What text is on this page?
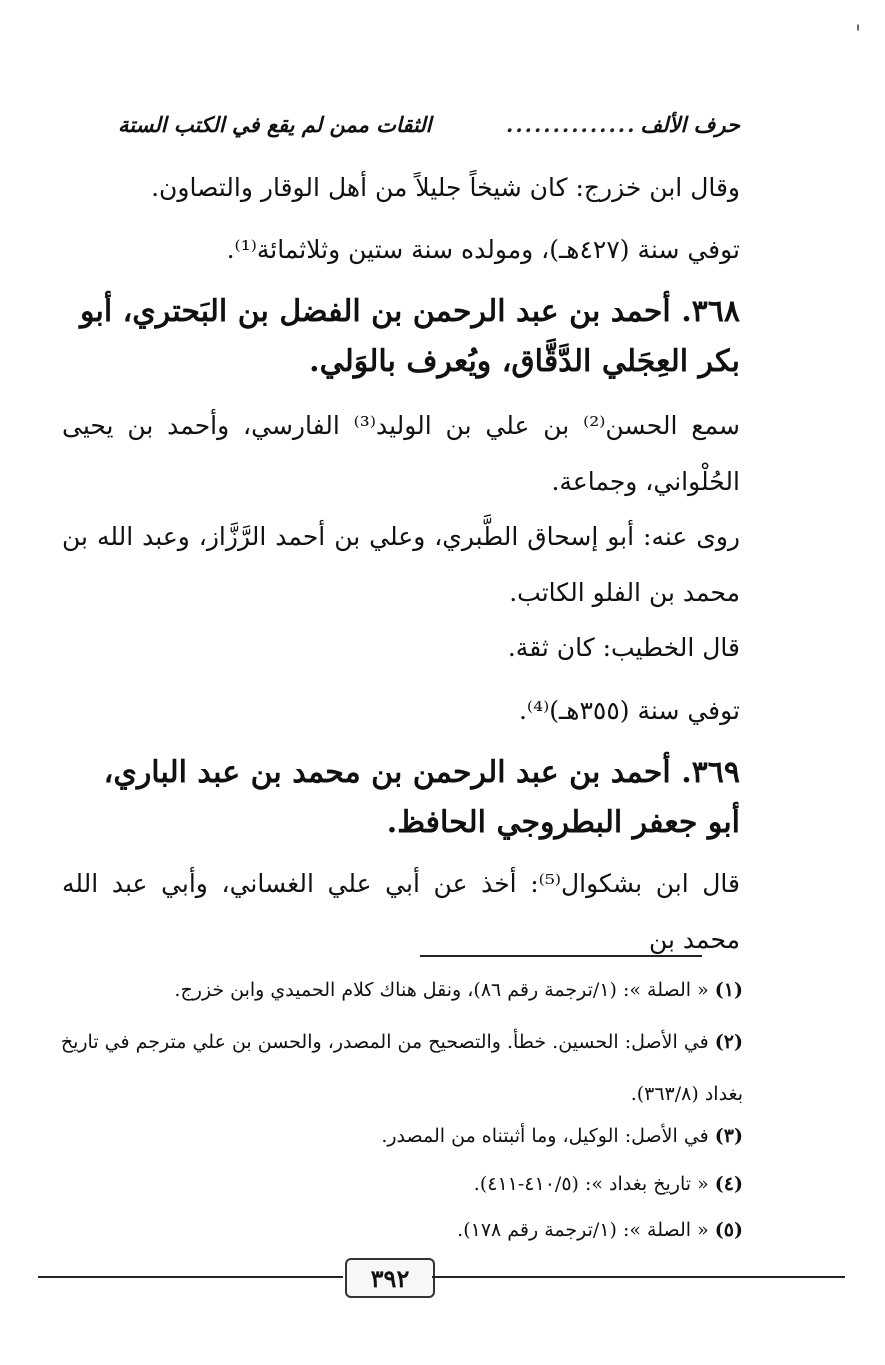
'
حرف الألف
..............
الثقات ممن لم يقع في الكتب الستة

وقال ابن خزرج: كان شيخاً جليلاً من أهل الوقار والتصاون.

توفي سنة (٤٢٧هـ)، ومولده سنة ستين وثلاثمائة⁽¹⁾.

٣٦٨. أحمد بن عبد الرحمن بن الفضل بن البَحتري، أبو بكر العِجَلي الدَّقَّاق، ويُعرف بالوَلي.

سمع الحسن⁽²⁾ بن علي بن الوليد⁽³⁾ الفارسي، وأحمد بن يحيى الحُلْواني، وجماعة.

روى عنه: أبو إسحاق الطَّبري، وعلي بن أحمد الرَّزَّاز، وعبد الله بن محمد بن الفلو الكاتب.

قال الخطيب: كان ثقة.

توفي سنة (٣٥٥هـ)⁽⁴⁾.

٣٦٩. أحمد بن عبد الرحمن بن محمد بن عبد الباري، أبو جعفر البطروجي الحافظ.

قال ابن بشكوال⁽⁵⁾: أخذ عن أبي علي الغساني، وأبي عبد الله محمد بن

(١) « الصلة »: (١/ترجمة رقم ٨٦)، ونقل هناك كلام الحميدي وابن خزرج.
(٢) في الأصل: الحسين. خطأ. والتصحيح من المصدر، والحسن بن علي مترجم في تاريخ بغداد (٣٦٣/٨).
(٣) في الأصل: الوكيل، وما أثبتناه من المصدر.
(٤) « تاريخ بغداد »: (٤١٠/٥-٤١١).
(٥) « الصلة »: (١/ترجمة رقم ١٧٨).
٣٩٢
